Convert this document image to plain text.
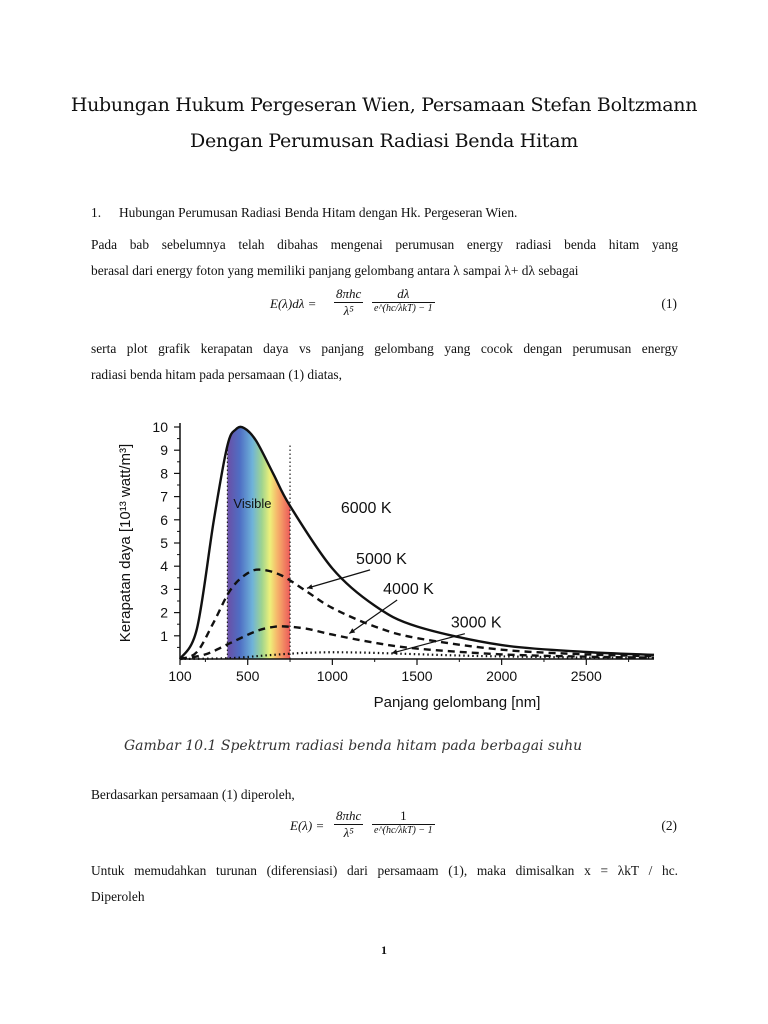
Hubungan Hukum Pergeseran Wien, Persamaan Stefan Boltzmann
Dengan Perumusan Radiasi Benda Hitam
1. Hubungan Perumusan Radiasi Benda Hitam dengan Hk. Pergeseran Wien.
Pada bab sebelumnya telah dibahas mengenai perumusan energy radiasi benda hitam yang
berasal dari energy foton yang memiliki panjang gelombang antara λ sampai λ+ dλ sebagai
E(λ)dλ =
8πhc
λ⁵
dλ
e^(hc/λkT) − 1	(1)
serta plot grafik kerapatan daya vs panjang gelombang yang cocok dengan perumusan energy
radiasi benda hitam pada persamaan (1) diatas,
Visible
1
2
3
4
5
6
7
8
9
10
100	500	1000	1500	2000	2500
6000 K
5000 K
4000 K
3000 K
Panjang gelombang [nm]
Kerapatan daya [10¹³ watt/m³]
Gambar 10.1 Spektrum radiasi benda hitam pada berbagai suhu
Berdasarkan persamaan (1) diperoleh,
E(λ) =
8πhc
λ⁵
1
e^(hc/λkT) − 1	(2)
Untuk memudahkan turunan (diferensiasi) dari persamaam (1), maka dimisalkan x = λkT / hc.
Diperoleh
1
